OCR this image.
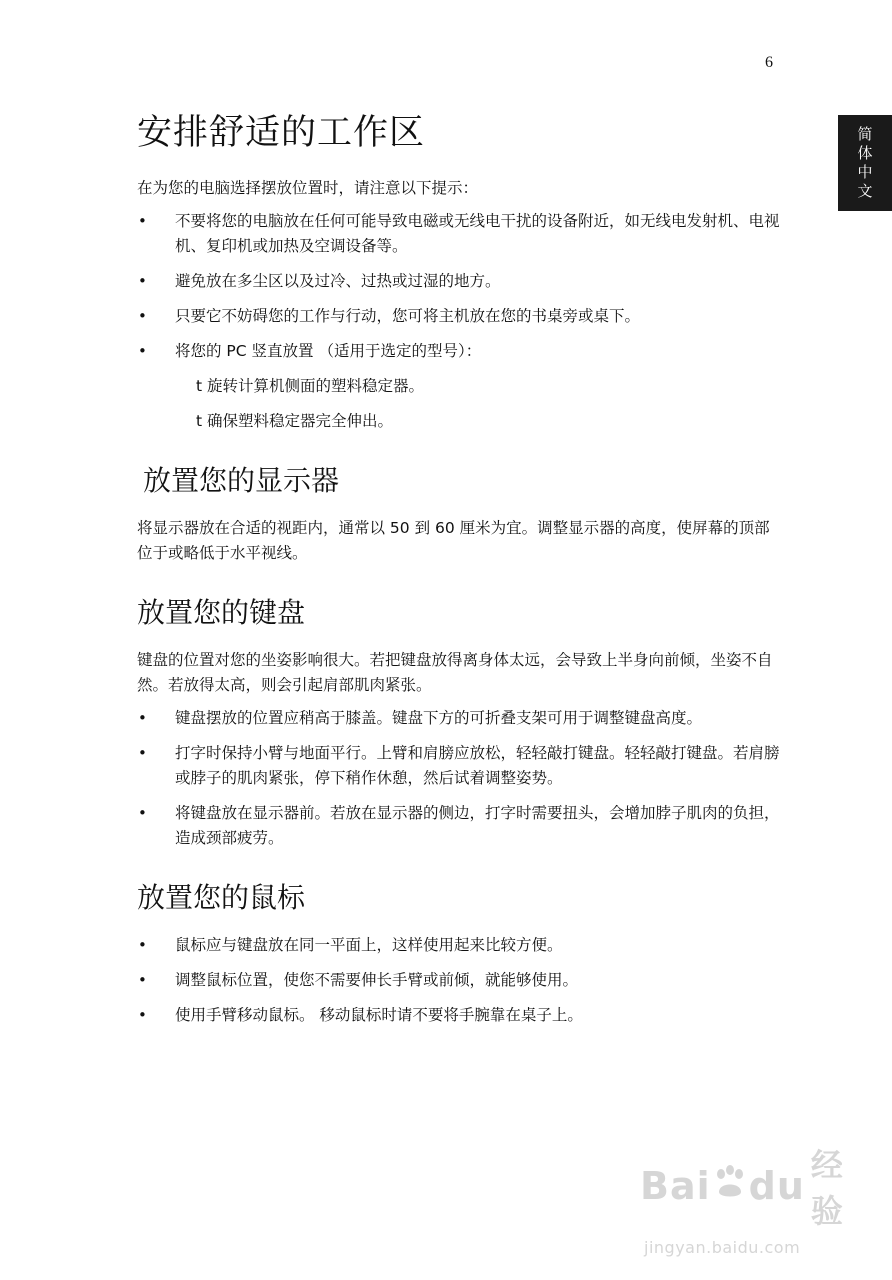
6
简
体
中
文
安排舒适的工作区

在为您的电脑选择摆放位置时，请注意以下提示：

• 不要将您的电脑放在任何可能导致电磁或无线电干扰的设备附近，如无线电发射机、电视机、复印机或加热及空调设备等。
• 避免放在多尘区以及过冷、过热或过湿的地方。
• 只要它不妨碍您的工作与行动，您可将主机放在您的书桌旁或桌下。
• 将您的 PC 竖直放置 （适用于选定的型号）：
t 旋转计算机侧面的塑料稳定器。
t 确保塑料稳定器完全伸出。
放置您的显示器

将显示器放在合适的视距内，通常以 50 到 60 厘米为宜。调整显示器的高度，使屏幕的顶部位于或略低于水平视线。

放置您的键盘

键盘的位置对您的坐姿影响很大。若把键盘放得离身体太远，会导致上半身向前倾，坐姿不自然。若放得太高，则会引起肩部肌肉紧张。

• 键盘摆放的位置应稍高于膝盖。键盘下方的可折叠支架可用于调整键盘高度。
• 打字时保持小臂与地面平行。上臂和肩膀应放松，轻轻敲打键盘。轻轻敲打键盘。若肩膀或脖子的肌肉紧张，停下稍作休憩，然后试着调整姿势。
• 将键盘放在显示器前。若放在显示器的侧边，打字时需要扭头，会增加脖子肌肉的负担，造成颈部疲劳。
放置您的鼠标
• 鼠标应与键盘放在同一平面上，这样使用起来比较方便。
• 调整鼠标位置，使您不需要伸长手臂或前倾，就能够使用。
• 使用手臂移动鼠标。 移动鼠标时请不要将手腕靠在桌子上。
Bai du 经验
jingyan.baidu.com
